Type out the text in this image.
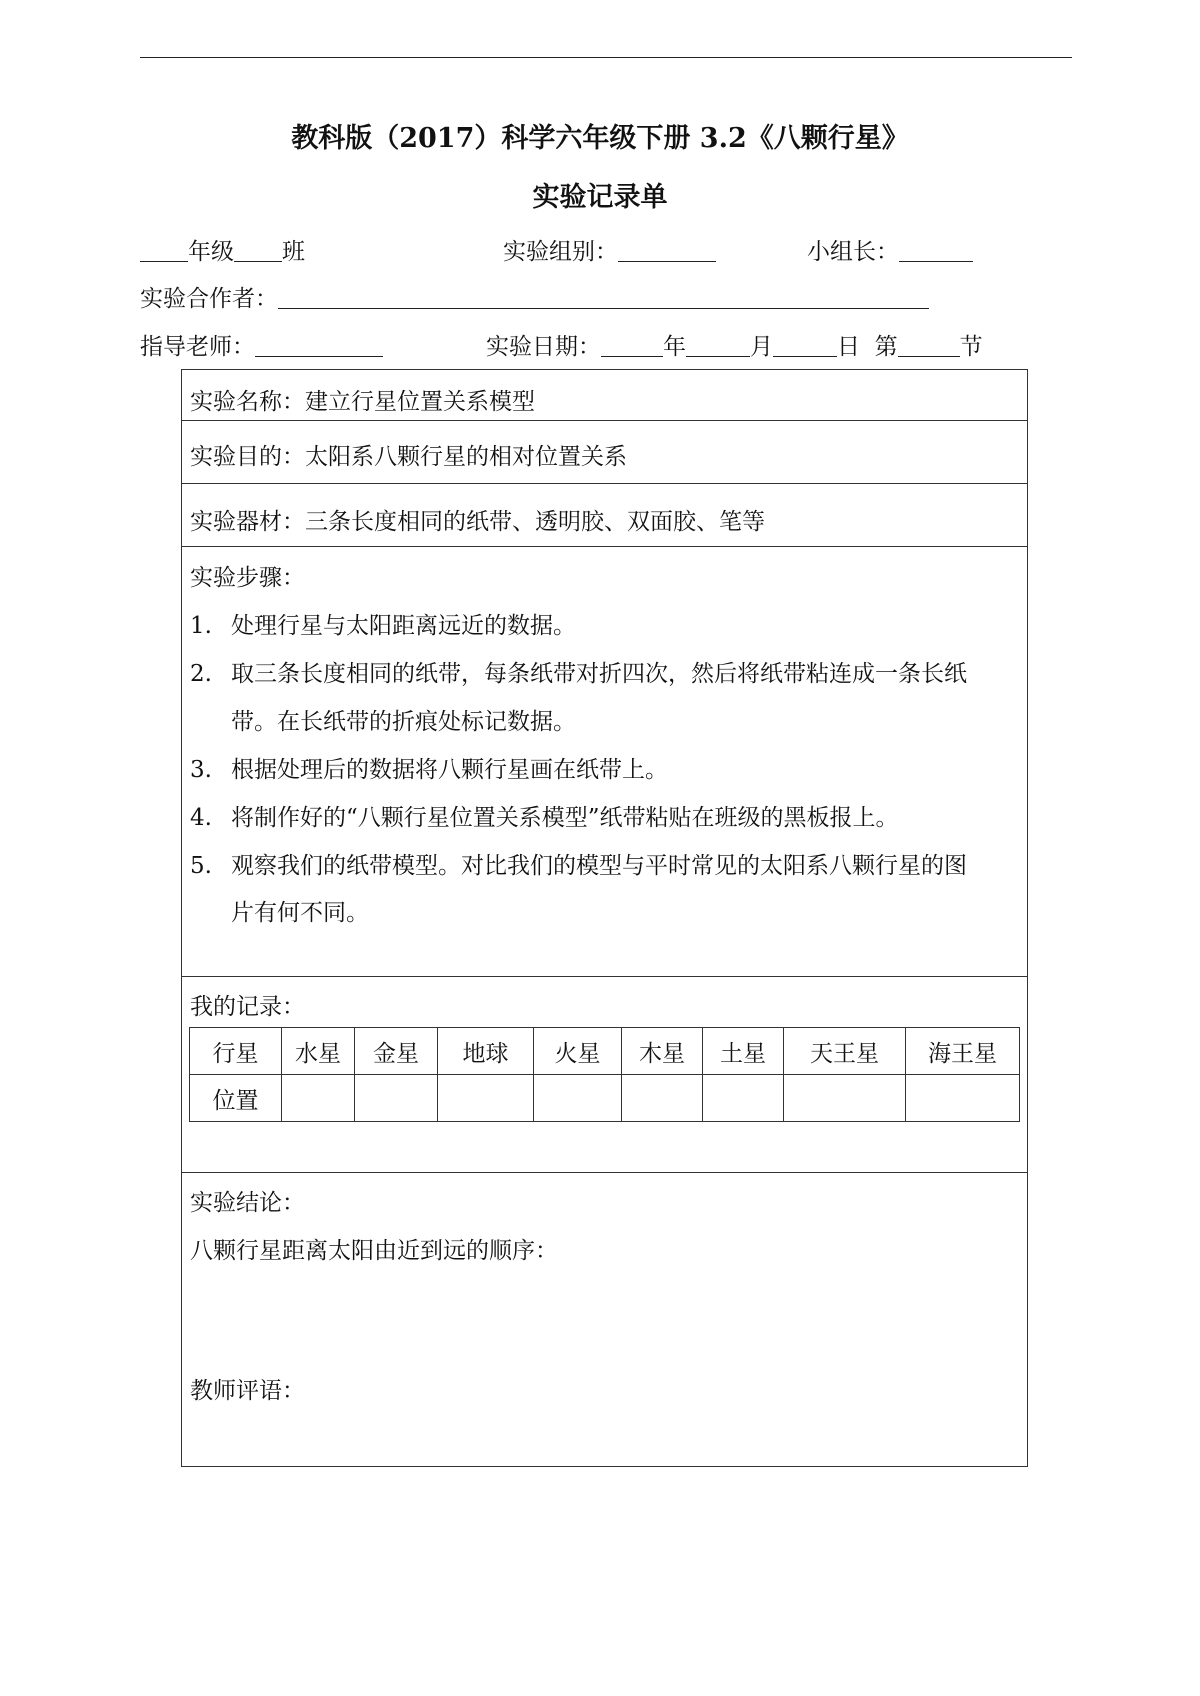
教科版（2017）科学六年级下册 3.2《八颗行星》
实验记录单
年级 班	实验组别：	小组长：
实验合作者：
指导老师：	实验日期：	年	月	日 第	节
实验名称：建立行星位置关系模型
实验目的：太阳系八颗行星的相对位置关系
实验器材：三条长度相同的纸带、透明胶、双面胶、笔等
实验步骤：
1. 处理行星与太阳距离远近的数据。
2. 取三条长度相同的纸带，每条纸带对折四次，然后将纸带粘连成一条长纸
带。在长纸带的折痕处标记数据。
3. 根据处理后的数据将八颗行星画在纸带上。
4. 将制作好的“八颗行星位置关系模型”纸带粘贴在班级的黑板报上。
5. 观察我们的纸带模型。对比我们的模型与平时常见的太阳系八颗行星的图
片有何不同。
我的记录：
行星	水星	金星	地球	火星	木星	土星	天王星	海王星
位置								
实验结论：
八颗行星距离太阳由近到远的顺序：
教师评语：
